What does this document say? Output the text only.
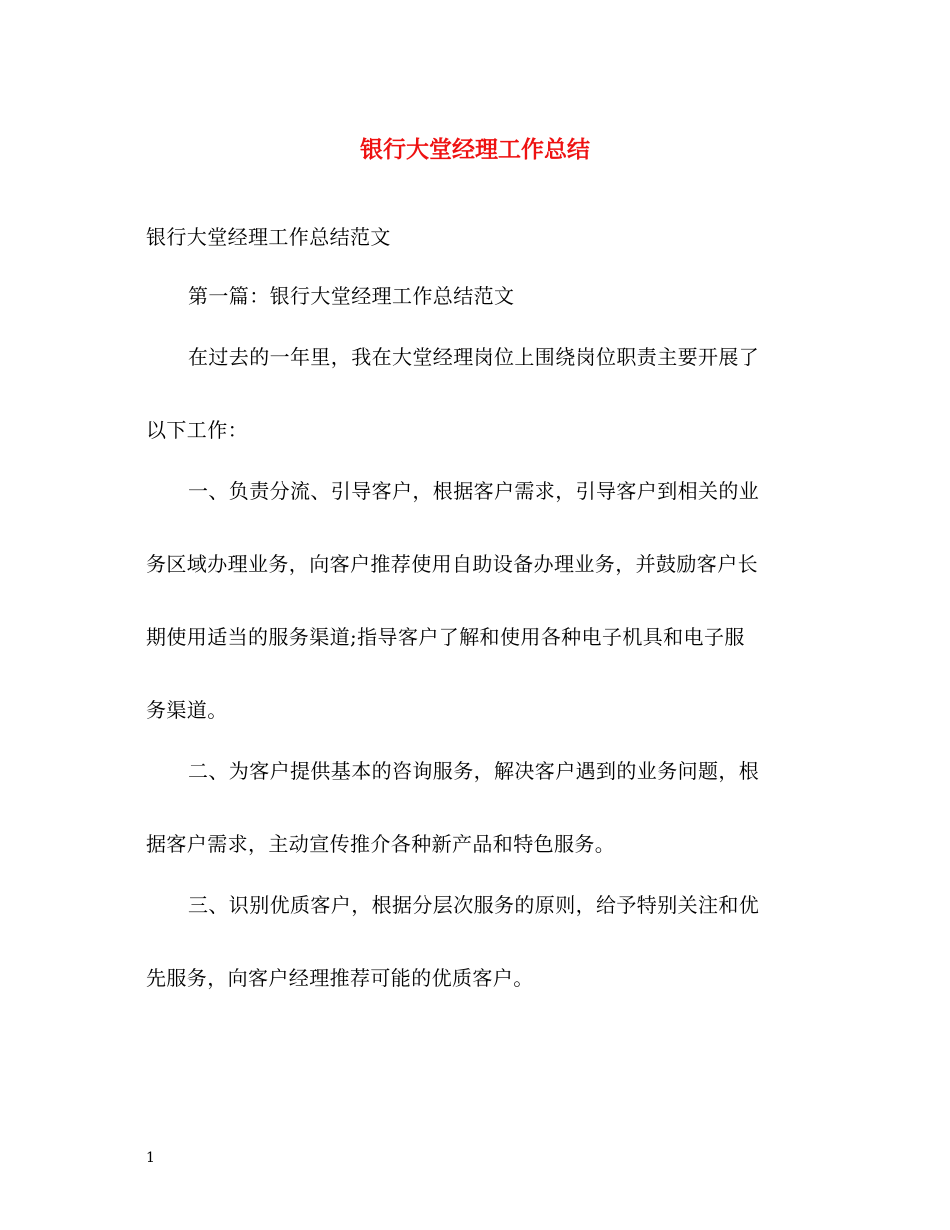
银行大堂经理工作总结
银行大堂经理工作总结范文
第一篇：银行大堂经理工作总结范文
在过去的一年里，我在大堂经理岗位上围绕岗位职责主要开展了
以下工作：
一、负责分流、引导客户，根据客户需求，引导客户到相关的业
务区域办理业务，向客户推荐使用自助设备办理业务，并鼓励客户长
期使用适当的服务渠道;指导客户了解和使用各种电子机具和电子服
务渠道。
二、为客户提供基本的咨询服务，解决客户遇到的业务问题，根
据客户需求，主动宣传推介各种新产品和特色服务。
三、识别优质客户，根据分层次服务的原则，给予特别关注和优
先服务，向客户经理推荐可能的优质客户。
1
